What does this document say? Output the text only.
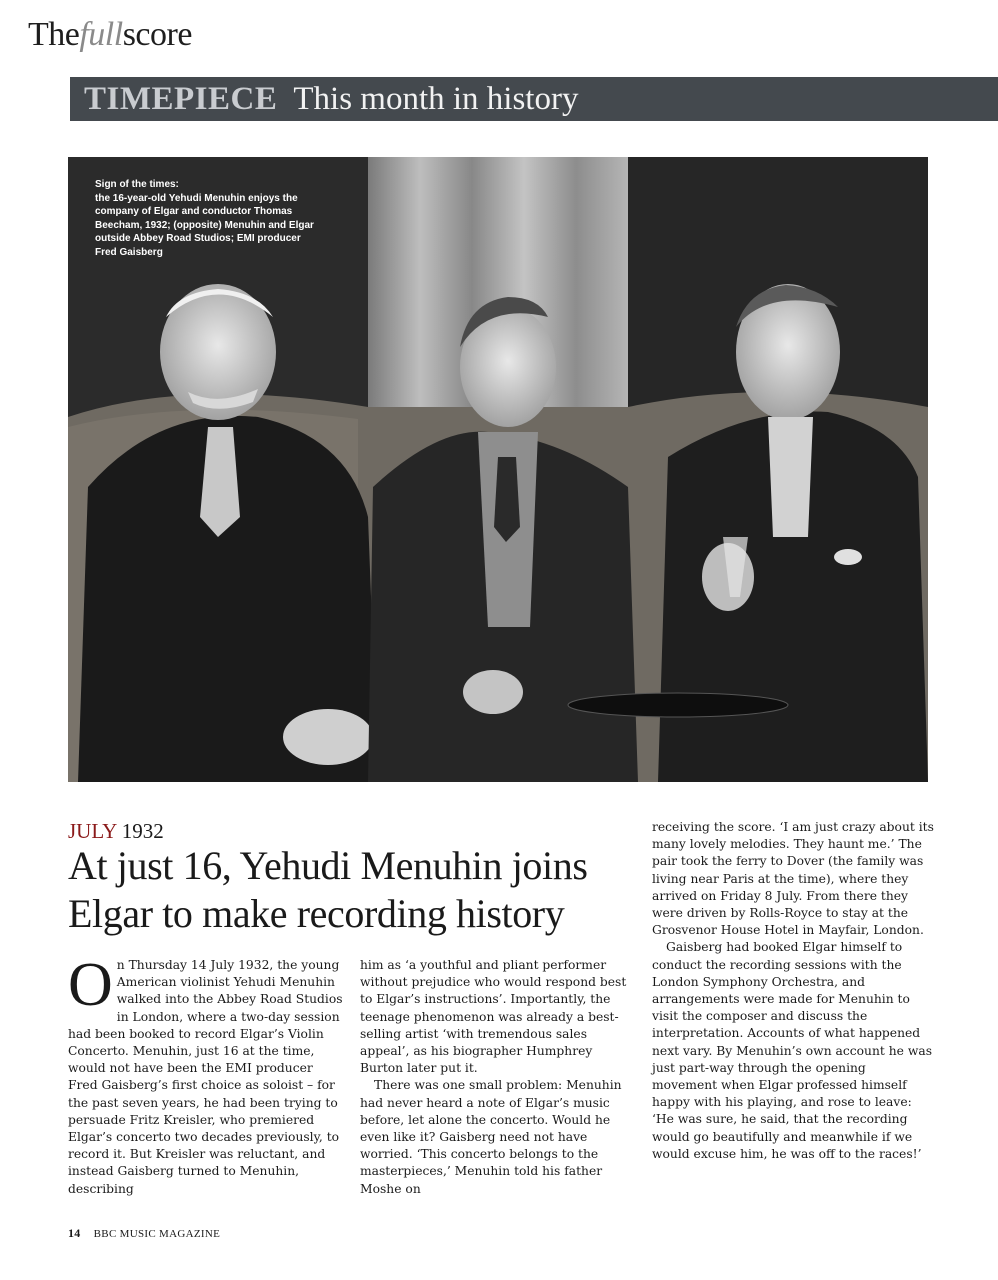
Thefullscore
TIMEPIECE This month in history
Sign of the times:
the 16-year-old Yehudi Menuhin enjoys the company of Elgar and conductor Thomas Beecham, 1932; (opposite) Menuhin and Elgar outside Abbey Road Studios; EMI producer Fred Gaisberg
JULY 1932
At just 16, Yehudi Menuhin joins Elgar to make recording history

On Thursday 14 July 1932, the young American violinist Yehudi Menuhin walked into the Abbey Road Studios in London, where a two-day session had been booked to record Elgar’s Violin Concerto. Menuhin, just 16 at the time, would not have been the EMI producer Fred Gaisberg’s first choice as soloist – for the past seven years, he had been trying to persuade Fritz Kreisler, who premiered Elgar’s concerto two decades previously, to record it. But Kreisler was reluctant, and instead Gaisberg turned to Menuhin, describing

him as ‘a youthful and pliant performer without prejudice who would respond best to Elgar’s instructions’. Importantly, the teenage phenomenon was already a best-selling artist ‘with tremendous sales appeal’, as his biographer Humphrey Burton later put it.

There was one small problem: Menuhin had never heard a note of Elgar’s music before, let alone the concerto. Would he even like it? Gaisberg need not have worried. ‘This concerto belongs to the masterpieces,’ Menuhin told his father Moshe on

receiving the score. ‘I am just crazy about its many lovely melodies. They haunt me.’ The pair took the ferry to Dover (the family was living near Paris at the time), where they arrived on Friday 8 July. From there they were driven by Rolls-Royce to stay at the Grosvenor House Hotel in Mayfair, London.

Gaisberg had booked Elgar himself to conduct the recording sessions with the London Symphony Orchestra, and arrangements were made for Menuhin to visit the composer and discuss the interpretation. Accounts of what happened next vary. By Menuhin’s own account he was just part-way through the opening movement when Elgar professed himself happy with his playing, and rose to leave: ‘He was sure, he said, that the recording would go beautifully and meanwhile if we would excuse him, he was off to the races!’

14 BBC MUSIC MAGAZINE
